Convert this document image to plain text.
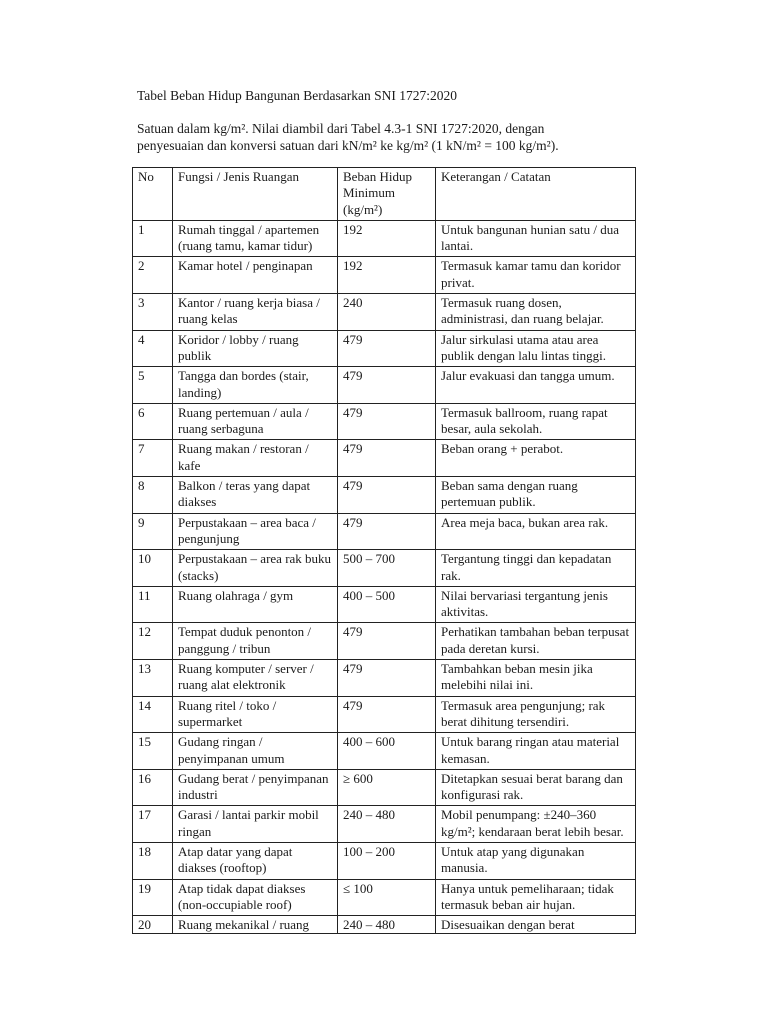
Tabel Beban Hidup Bangunan Berdasarkan SNI 1727:2020
Satuan dalam kg/m². Nilai diambil dari Tabel 4.3-1 SNI 1727:2020, dengan penyesuaian dan konversi satuan dari kN/m² ke kg/m² (1 kN/m² = 100 kg/m²).
No	Fungsi / Jenis Ruangan	Beban Hidup Minimum (kg/m²)	Keterangan / Catatan
1	Rumah tinggal / apartemen (ruang tamu, kamar tidur)	192	Untuk bangunan hunian satu / dua lantai.
2	Kamar hotel / penginapan	192	Termasuk kamar tamu dan koridor privat.
3	Kantor / ruang kerja biasa / ruang kelas	240	Termasuk ruang dosen, administrasi, dan ruang belajar.
4	Koridor / lobby / ruang publik	479	Jalur sirkulasi utama atau area publik dengan lalu lintas tinggi.
5	Tangga dan bordes (stair, landing)	479	Jalur evakuasi dan tangga umum.
6	Ruang pertemuan / aula / ruang serbaguna	479	Termasuk ballroom, ruang rapat besar, aula sekolah.
7	Ruang makan / restoran / kafe	479	Beban orang + perabot.
8	Balkon / teras yang dapat diakses	479	Beban sama dengan ruang pertemuan publik.
9	Perpustakaan – area baca / pengunjung	479	Area meja baca, bukan area rak.
10	Perpustakaan – area rak buku (stacks)	500 – 700	Tergantung tinggi dan kepadatan rak.
11	Ruang olahraga / gym	400 – 500	Nilai bervariasi tergantung jenis aktivitas.
12	Tempat duduk penonton / panggung / tribun	479	Perhatikan tambahan beban terpusat pada deretan kursi.
13	Ruang komputer / server / ruang alat elektronik	479	Tambahkan beban mesin jika melebihi nilai ini.
14	Ruang ritel / toko / supermarket	479	Termasuk area pengunjung; rak berat dihitung tersendiri.
15	Gudang ringan / penyimpanan umum	400 – 600	Untuk barang ringan atau material kemasan.
16	Gudang berat / penyimpanan industri	≥ 600	Ditetapkan sesuai berat barang dan konfigurasi rak.
17	Garasi / lantai parkir mobil ringan	240 – 480	Mobil penumpang: ±240–360 kg/m²; kendaraan berat lebih besar.
18	Atap datar yang dapat diakses (rooftop)	100 – 200	Untuk atap yang digunakan manusia.
19	Atap tidak dapat diakses (non-occupiable roof)	≤ 100	Hanya untuk pemeliharaan; tidak termasuk beban air hujan.
20	Ruang mekanikal / ruang	240 – 480	Disesuaikan dengan berat
